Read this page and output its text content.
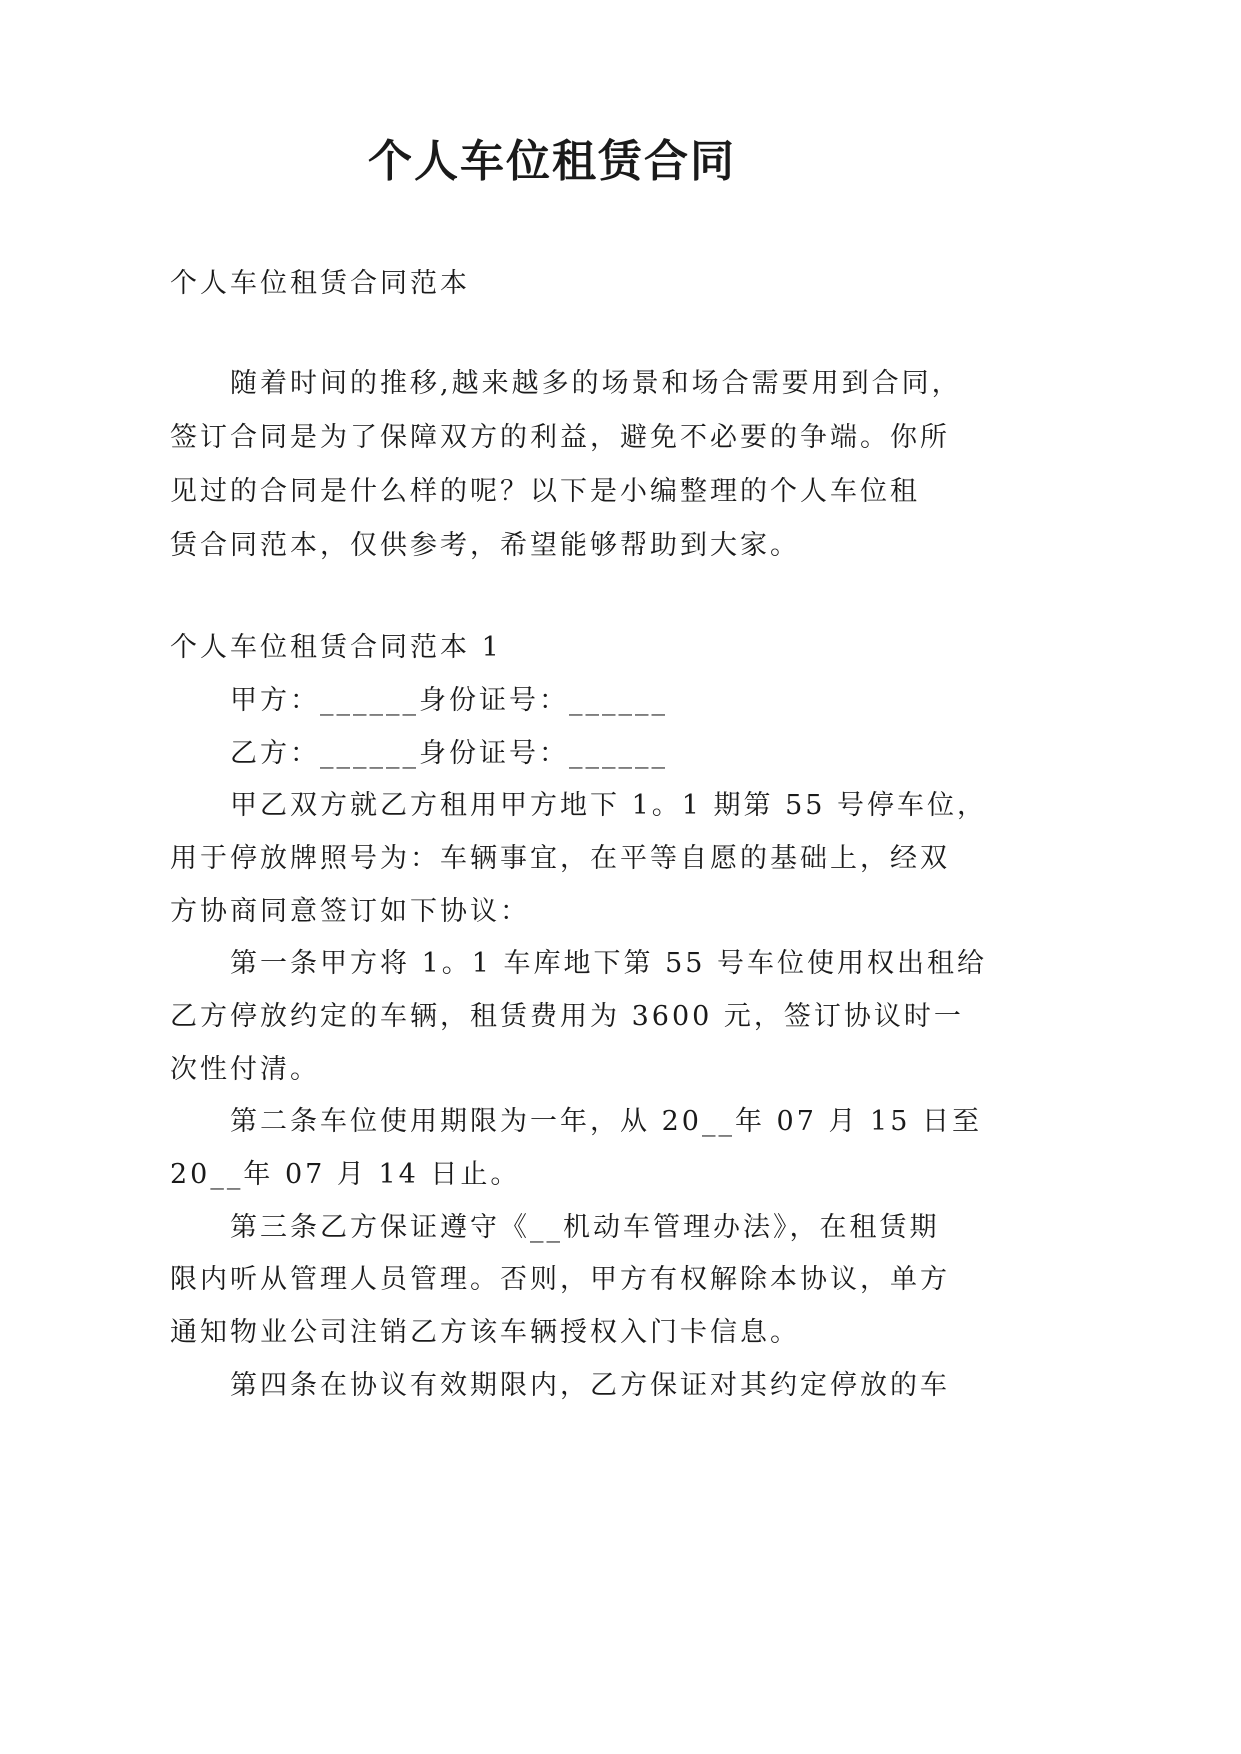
个人车位租赁合同
个人车位租赁合同范本
随着时间的推移,越来越多的场景和场合需要用到合同，
签订合同是为了保障双方的利益，避免不必要的争端。你所
见过的合同是什么样的呢？以下是小编整理的个人车位租
赁合同范本，仅供参考，希望能够帮助到大家。
个人车位租赁合同范本 1
甲方：______身份证号：______
乙方：______身份证号：______
甲乙双方就乙方租用甲方地下 1。1 期第 55 号停车位，
用于停放牌照号为：车辆事宜，在平等自愿的基础上，经双
方协商同意签订如下协议：
第一条甲方将 1。1 车库地下第 55 号车位使用权出租给
乙方停放约定的车辆，租赁费用为 3600 元，签订协议时一
次性付清。
第二条车位使用期限为一年，从 20__年 07 月 15 日至
20__年 07 月 14 日止。
第三条乙方保证遵守《__机动车管理办法》，在租赁期
限内听从管理人员管理。否则，甲方有权解除本协议，单方
通知物业公司注销乙方该车辆授权入门卡信息。
第四条在协议有效期限内，乙方保证对其约定停放的车
